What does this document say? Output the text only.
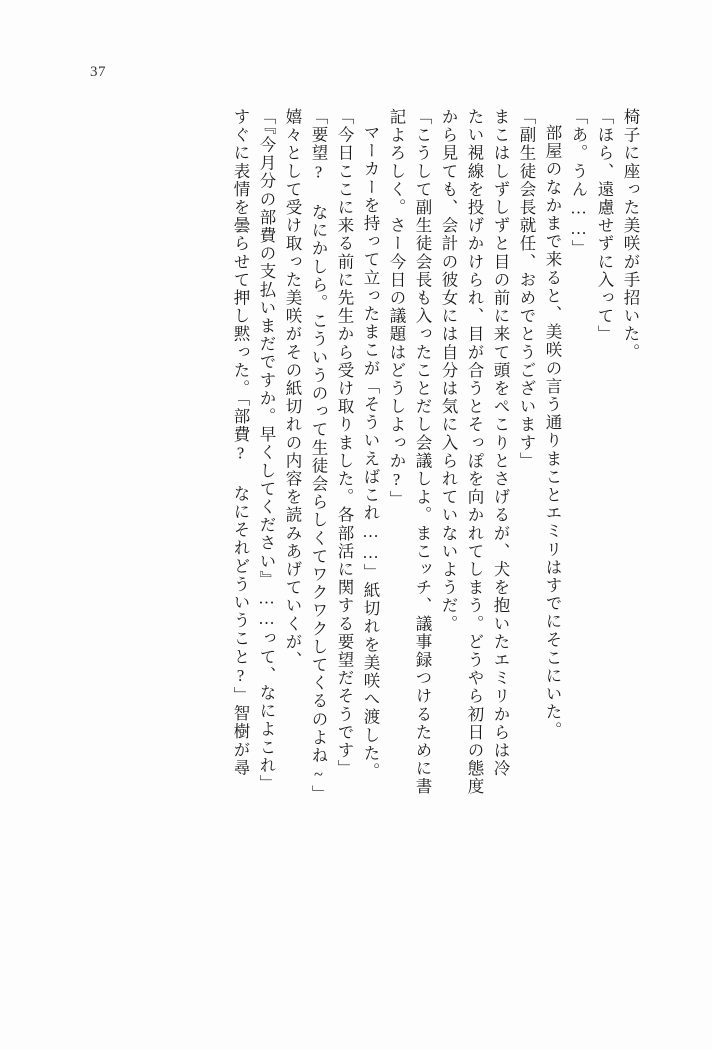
37
椅子に座った美咲が手招いた。
「ほら、遠慮せずに入って」
「あ。うん……」
部屋のなかまで来ると、美咲の言う通りまことエミリはすでにそこにいた。
「副生徒会長就任、おめでとうございます」
まこはしずしずと目の前に来て頭をぺこりとさげるが、犬を抱いたエミリからは冷
たい視線を投げかけられ、目が合うとそっぽを向かれてしまう。どうやら初日の態度
から見ても、会計の彼女には自分は気に入られていないようだ。
「こうして副生徒会長も入ったことだし会議しよ。まこッチ、議事録つけるために書
記よろしく。さー今日の議題はどうしよっか?」
マーカーを持って立ったまこが「そういえばこれ……」紙切れを美咲へ渡した。
「今日ここに来る前に先生から受け取りました。各部活に関する要望だそうです」
「要望? なにかしら。こういうのって生徒会らしくてワクワクしてくるのよね~」
嬉々として受け取った美咲がその紙切れの内容を読みあげていくが、
「『今月分の部費の支払いまだですか。早くしてください』……って、なによこれ」
すぐに表情を曇らせて押し黙った。「部費? なにそれどういうこと?」智樹が尋
